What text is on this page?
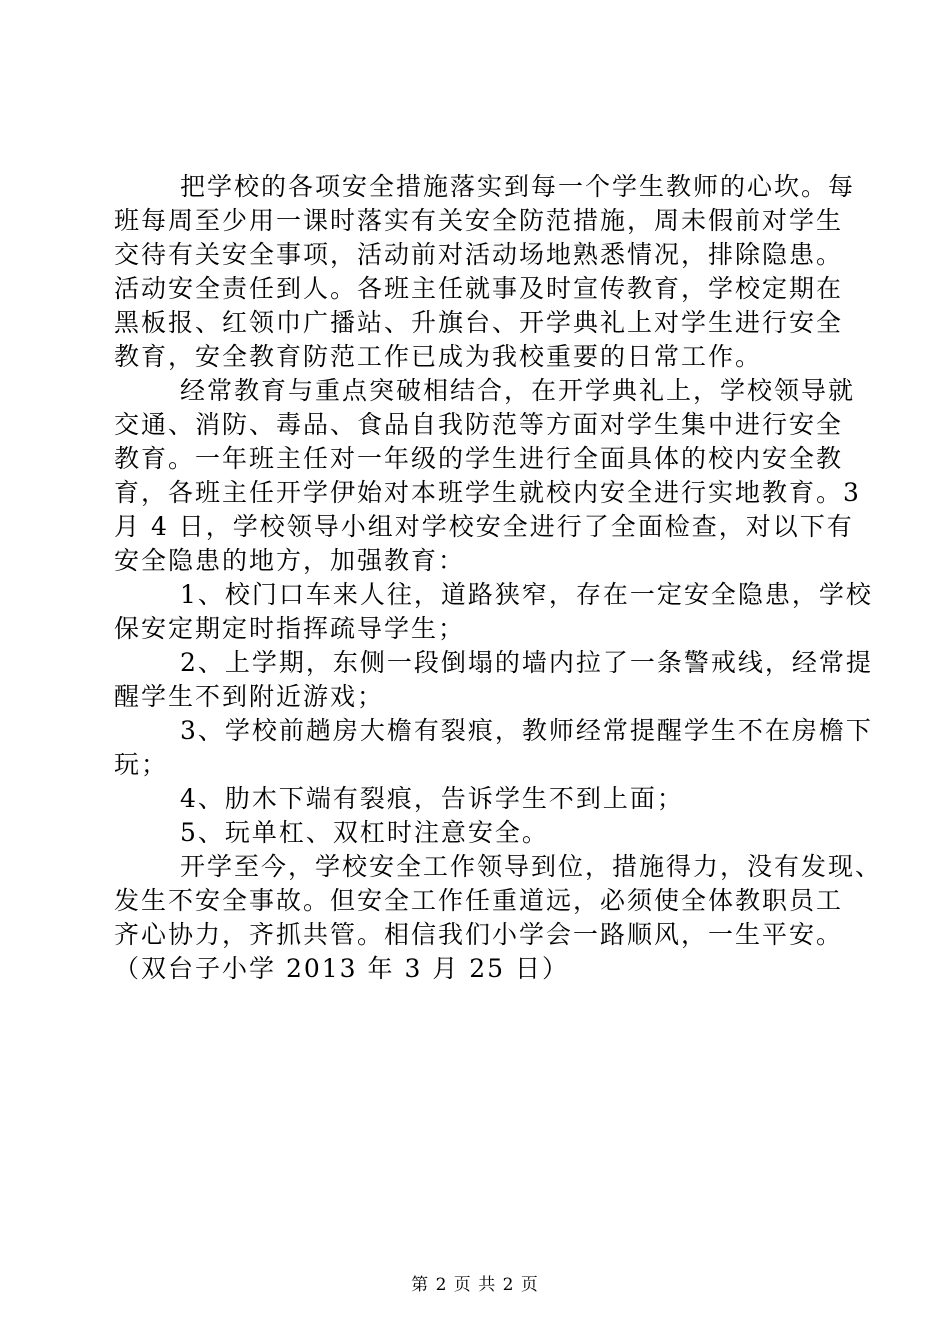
把学校的各项安全措施落实到每一个学生教师的心坎。每
班每周至少用一课时落实有关安全防范措施，周未假前对学生
交待有关安全事项，活动前对活动场地熟悉情况，排除隐患。
活动安全责任到人。各班主任就事及时宣传教育，学校定期在
黑板报、红领巾广播站、升旗台、开学典礼上对学生进行安全
教育，安全教育防范工作已成为我校重要的日常工作。
经常教育与重点突破相结合，在开学典礼上，学校领导就
交通、消防、毒品、食品自我防范等方面对学生集中进行安全
教育。一年班主任对一年级的学生进行全面具体的校内安全教
育，各班主任开学伊始对本班学生就校内安全进行实地教育。3
月 4 日，学校领导小组对学校安全进行了全面检查，对以下有
安全隐患的地方，加强教育：
1、校门口车来人往，道路狭窄，存在一定安全隐患，学校
保安定期定时指挥疏导学生；
2、上学期，东侧一段倒塌的墙内拉了一条警戒线，经常提
醒学生不到附近游戏；
3、学校前趟房大檐有裂痕，教师经常提醒学生不在房檐下
玩；
4、肋木下端有裂痕，告诉学生不到上面；
5、玩单杠、双杠时注意安全。
开学至今，学校安全工作领导到位，措施得力，没有发现、
发生不安全事故。但安全工作任重道远，必须使全体教职员工
齐心协力，齐抓共管。相信我们小学会一路顺风，一生平安。
（双台子小学 2013 年 3 月 25 日）
第 2 页 共 2 页
